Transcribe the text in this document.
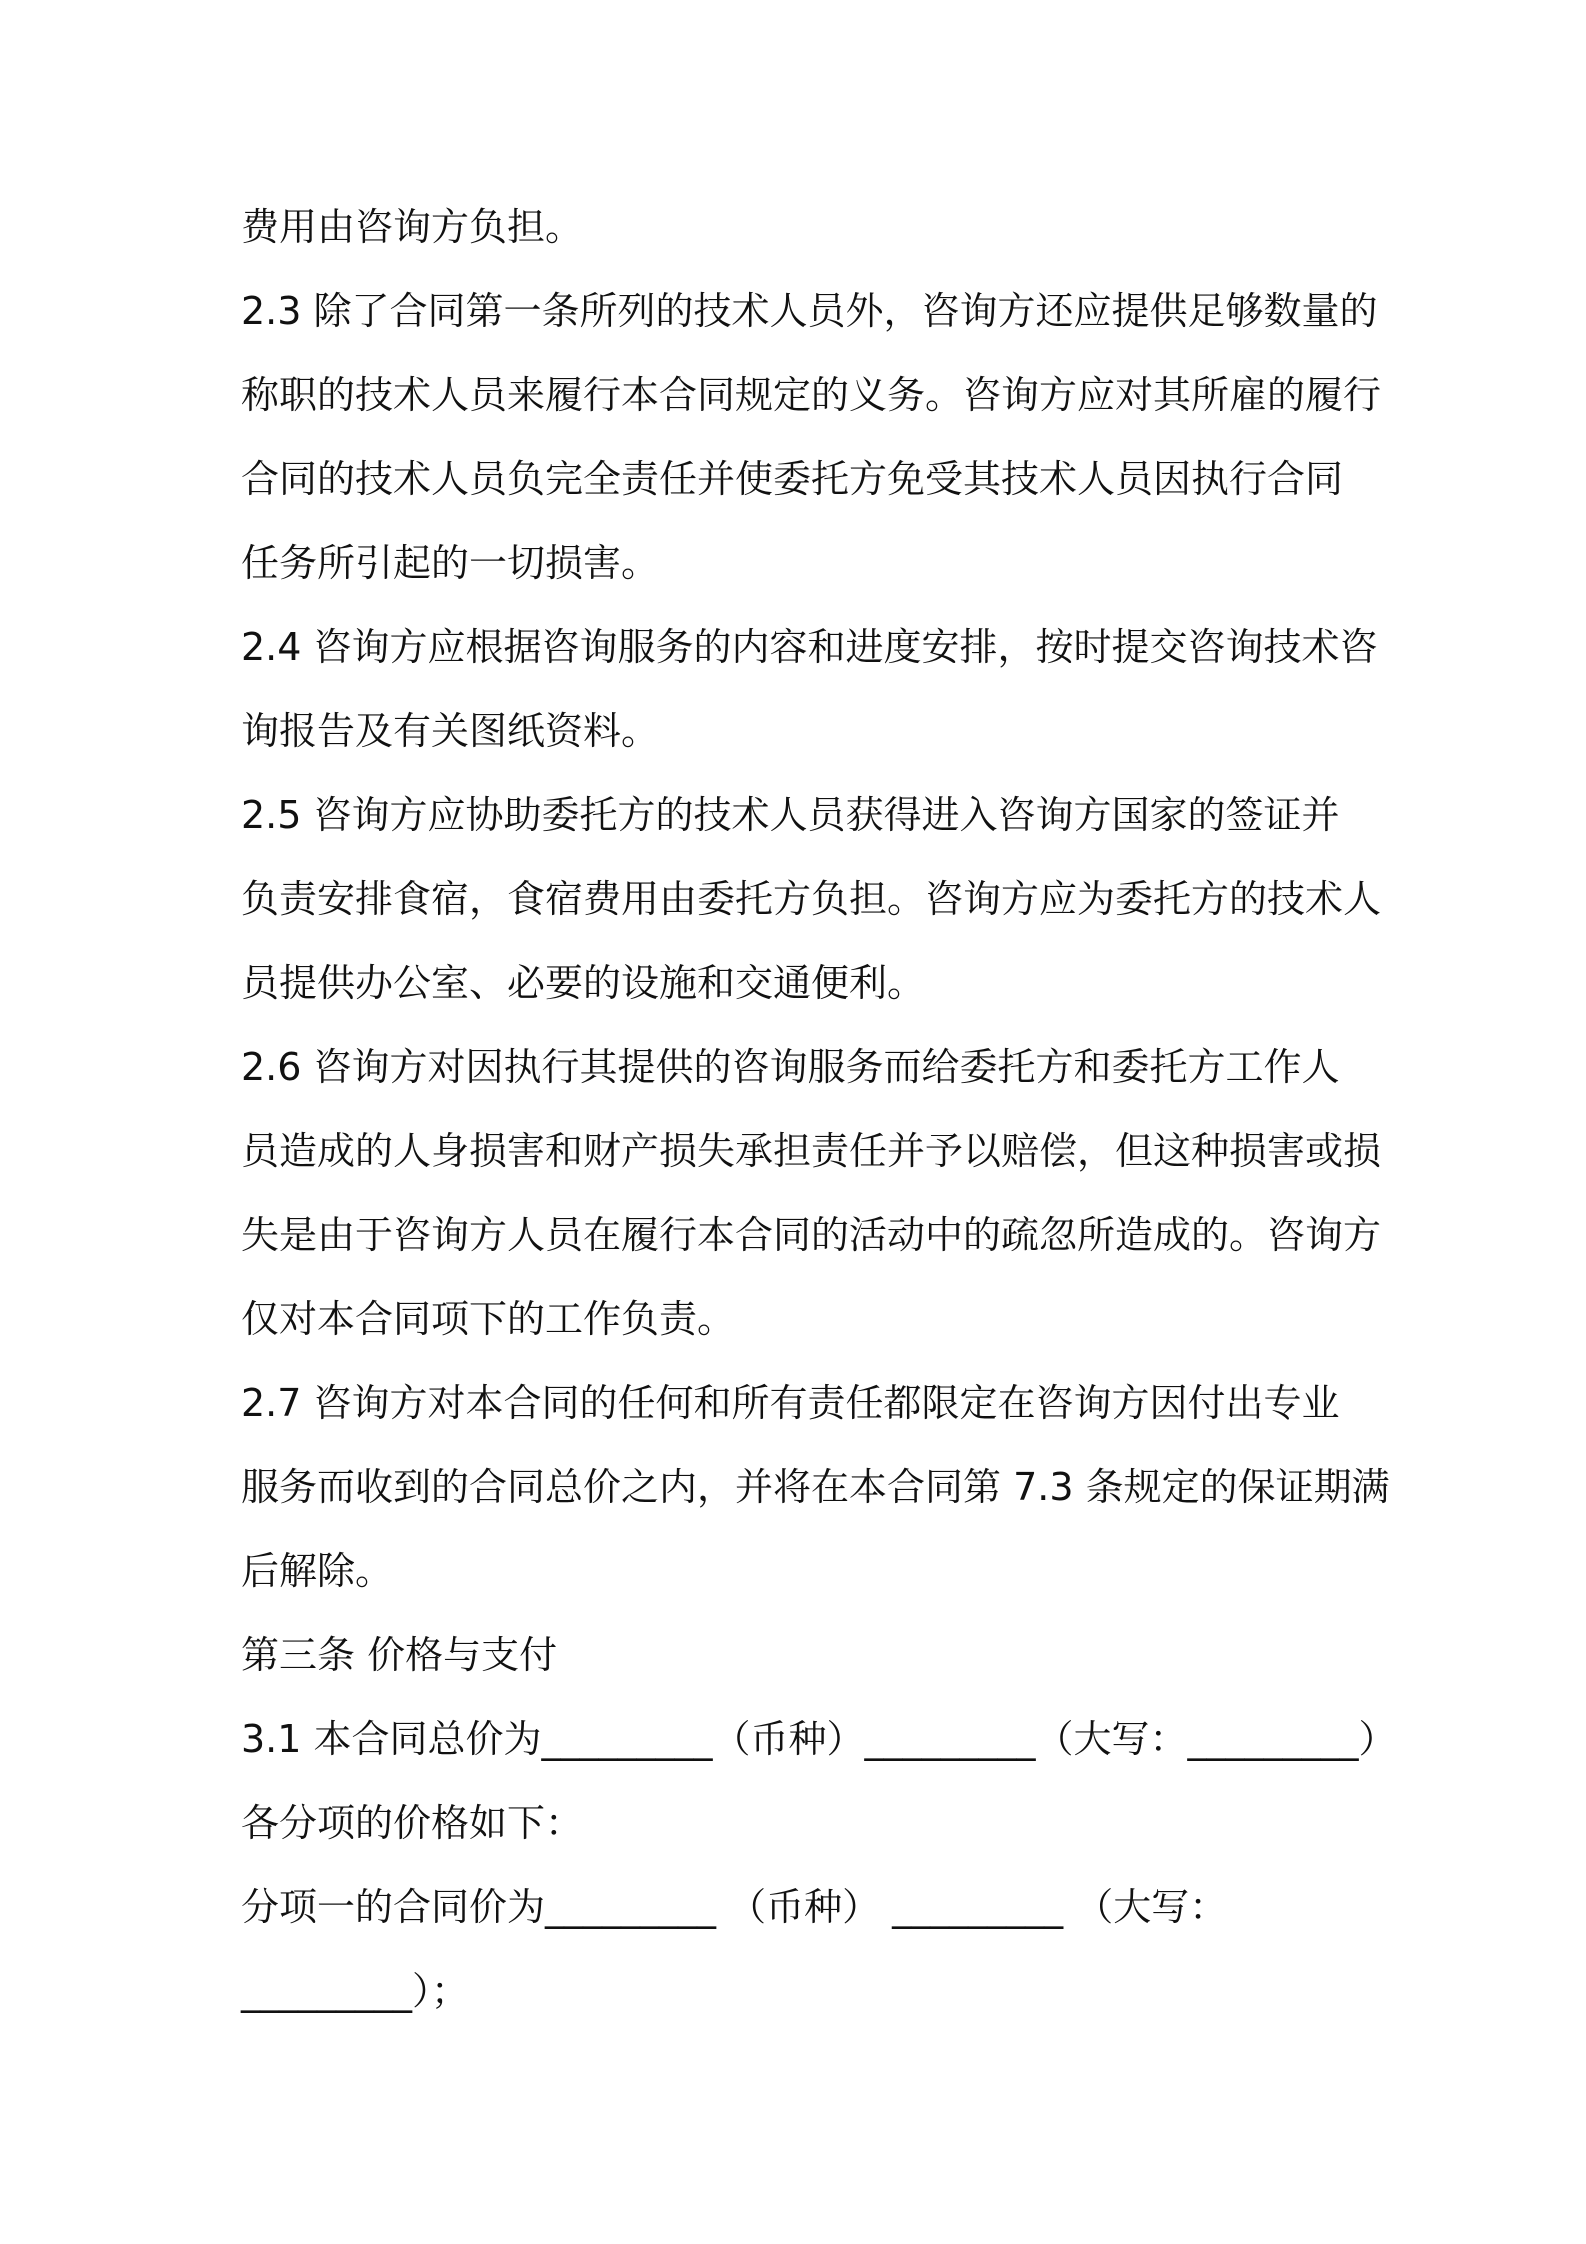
费用由咨询方负担。
2.3 除了合同第一条所列的技术人员外，咨询方还应提供足够数量的
称职的技术人员来履行本合同规定的义务。咨询方应对其所雇的履行
合同的技术人员负完全责任并使委托方免受其技术人员因执行合同
任务所引起的一切损害。
2.4 咨询方应根据咨询服务的内容和进度安排，按时提交咨询技术咨
询报告及有关图纸资料。
2.5 咨询方应协助委托方的技术人员获得进入咨询方国家的签证并
负责安排食宿，食宿费用由委托方负担。咨询方应为委托方的技术人
员提供办公室、必要的设施和交通便利。
2.6 咨询方对因执行其提供的咨询服务而给委托方和委托方工作人
员造成的人身损害和财产损失承担责任并予以赔偿，但这种损害或损
失是由于咨询方人员在履行本合同的活动中的疏忽所造成的。咨询方
仅对本合同项下的工作负责。
2.7 咨询方对本合同的任何和所有责任都限定在咨询方因付出专业
服务而收到的合同总价之内，并将在本合同第 7.3 条规定的保证期满
后解除。
第三条 价格与支付
3.1 本合同总价为_________（币种）_________（大写：_________）
各分项的价格如下：
分项一的合同价为_________ （币种） _________ （大写：
_________）；
